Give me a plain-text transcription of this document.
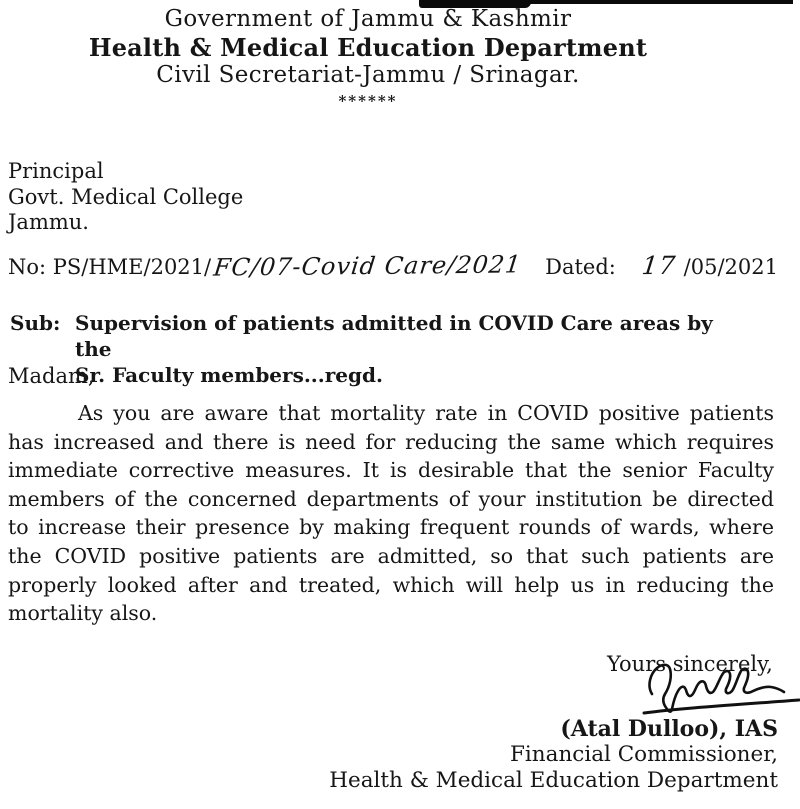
Government of Jammu & Kashmir
Health & Medical Education Department
Civil Secretariat-Jammu / Srinagar.
******
Principal
Govt. Medical College
Jammu.
No: PS/HME/2021/ FC/07-Covid Care/2021 Dated: 17 /05/2021
Sub: Supervision of patients admitted in COVID Care areas by the
Sr. Faculty members...regd.
Madam,
As you are aware that mortality rate in COVID positive patients
has increased and there is need for reducing the same which requires
immediate corrective measures. It is desirable that the senior Faculty
members of the concerned departments of your institution be directed
to increase their presence by making frequent rounds of wards, where
the COVID positive patients are admitted, so that such patients are
properly looked after and treated, which will help us in reducing the
mortality also.
Yours sincerely,
(Atal Dulloo), IAS
Financial Commissioner,
Health & Medical Education Department
